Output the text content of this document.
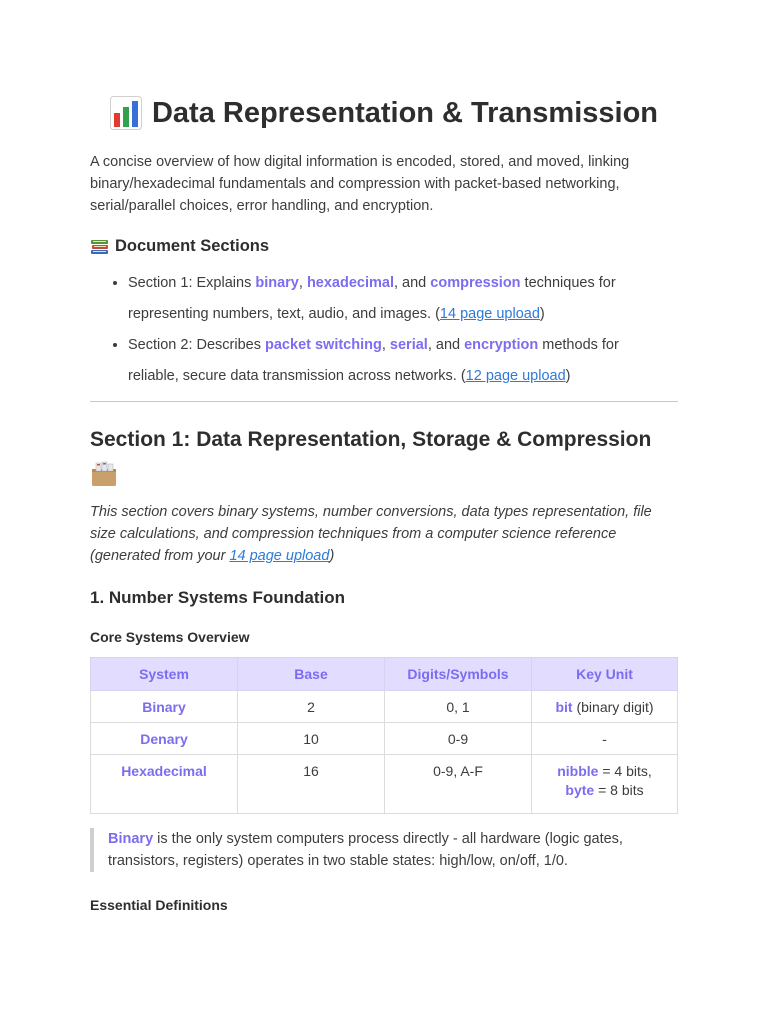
Data Representation & Transmission

A concise overview of how digital information is encoded, stored, and moved, linking binary/hexadecimal fundamentals and compression with packet-based networking, serial/parallel choices, error handling, and encryption.

Document Sections
• Section 1: Explains binary, hexadecimal, and compression techniques for representing numbers, text, audio, and images. (14 page upload)
• Section 2: Describes packet switching, serial, and encryption methods for reliable, secure data transmission across networks. (12 page upload)
Section 1: Data Representation, Storage & Compression

This section covers binary systems, number conversions, data types representation, file size calculations, and compression techniques from a computer science reference (generated from your 14 page upload)

1. Number Systems Foundation
Core Systems Overview
System	Base	Digits/Symbols	Key Unit
Binary	2	0, 1	bit (binary digit)
Denary	10	0-9	-
Hexadecimal	16	0-9, A-F	nibble = 4 bits,
byte = 8 bits
Binary is the only system computers process directly - all hardware (logic gates, transistors, registers) operates in two stable states: high/low, on/off, 1/0.
Essential Definitions
